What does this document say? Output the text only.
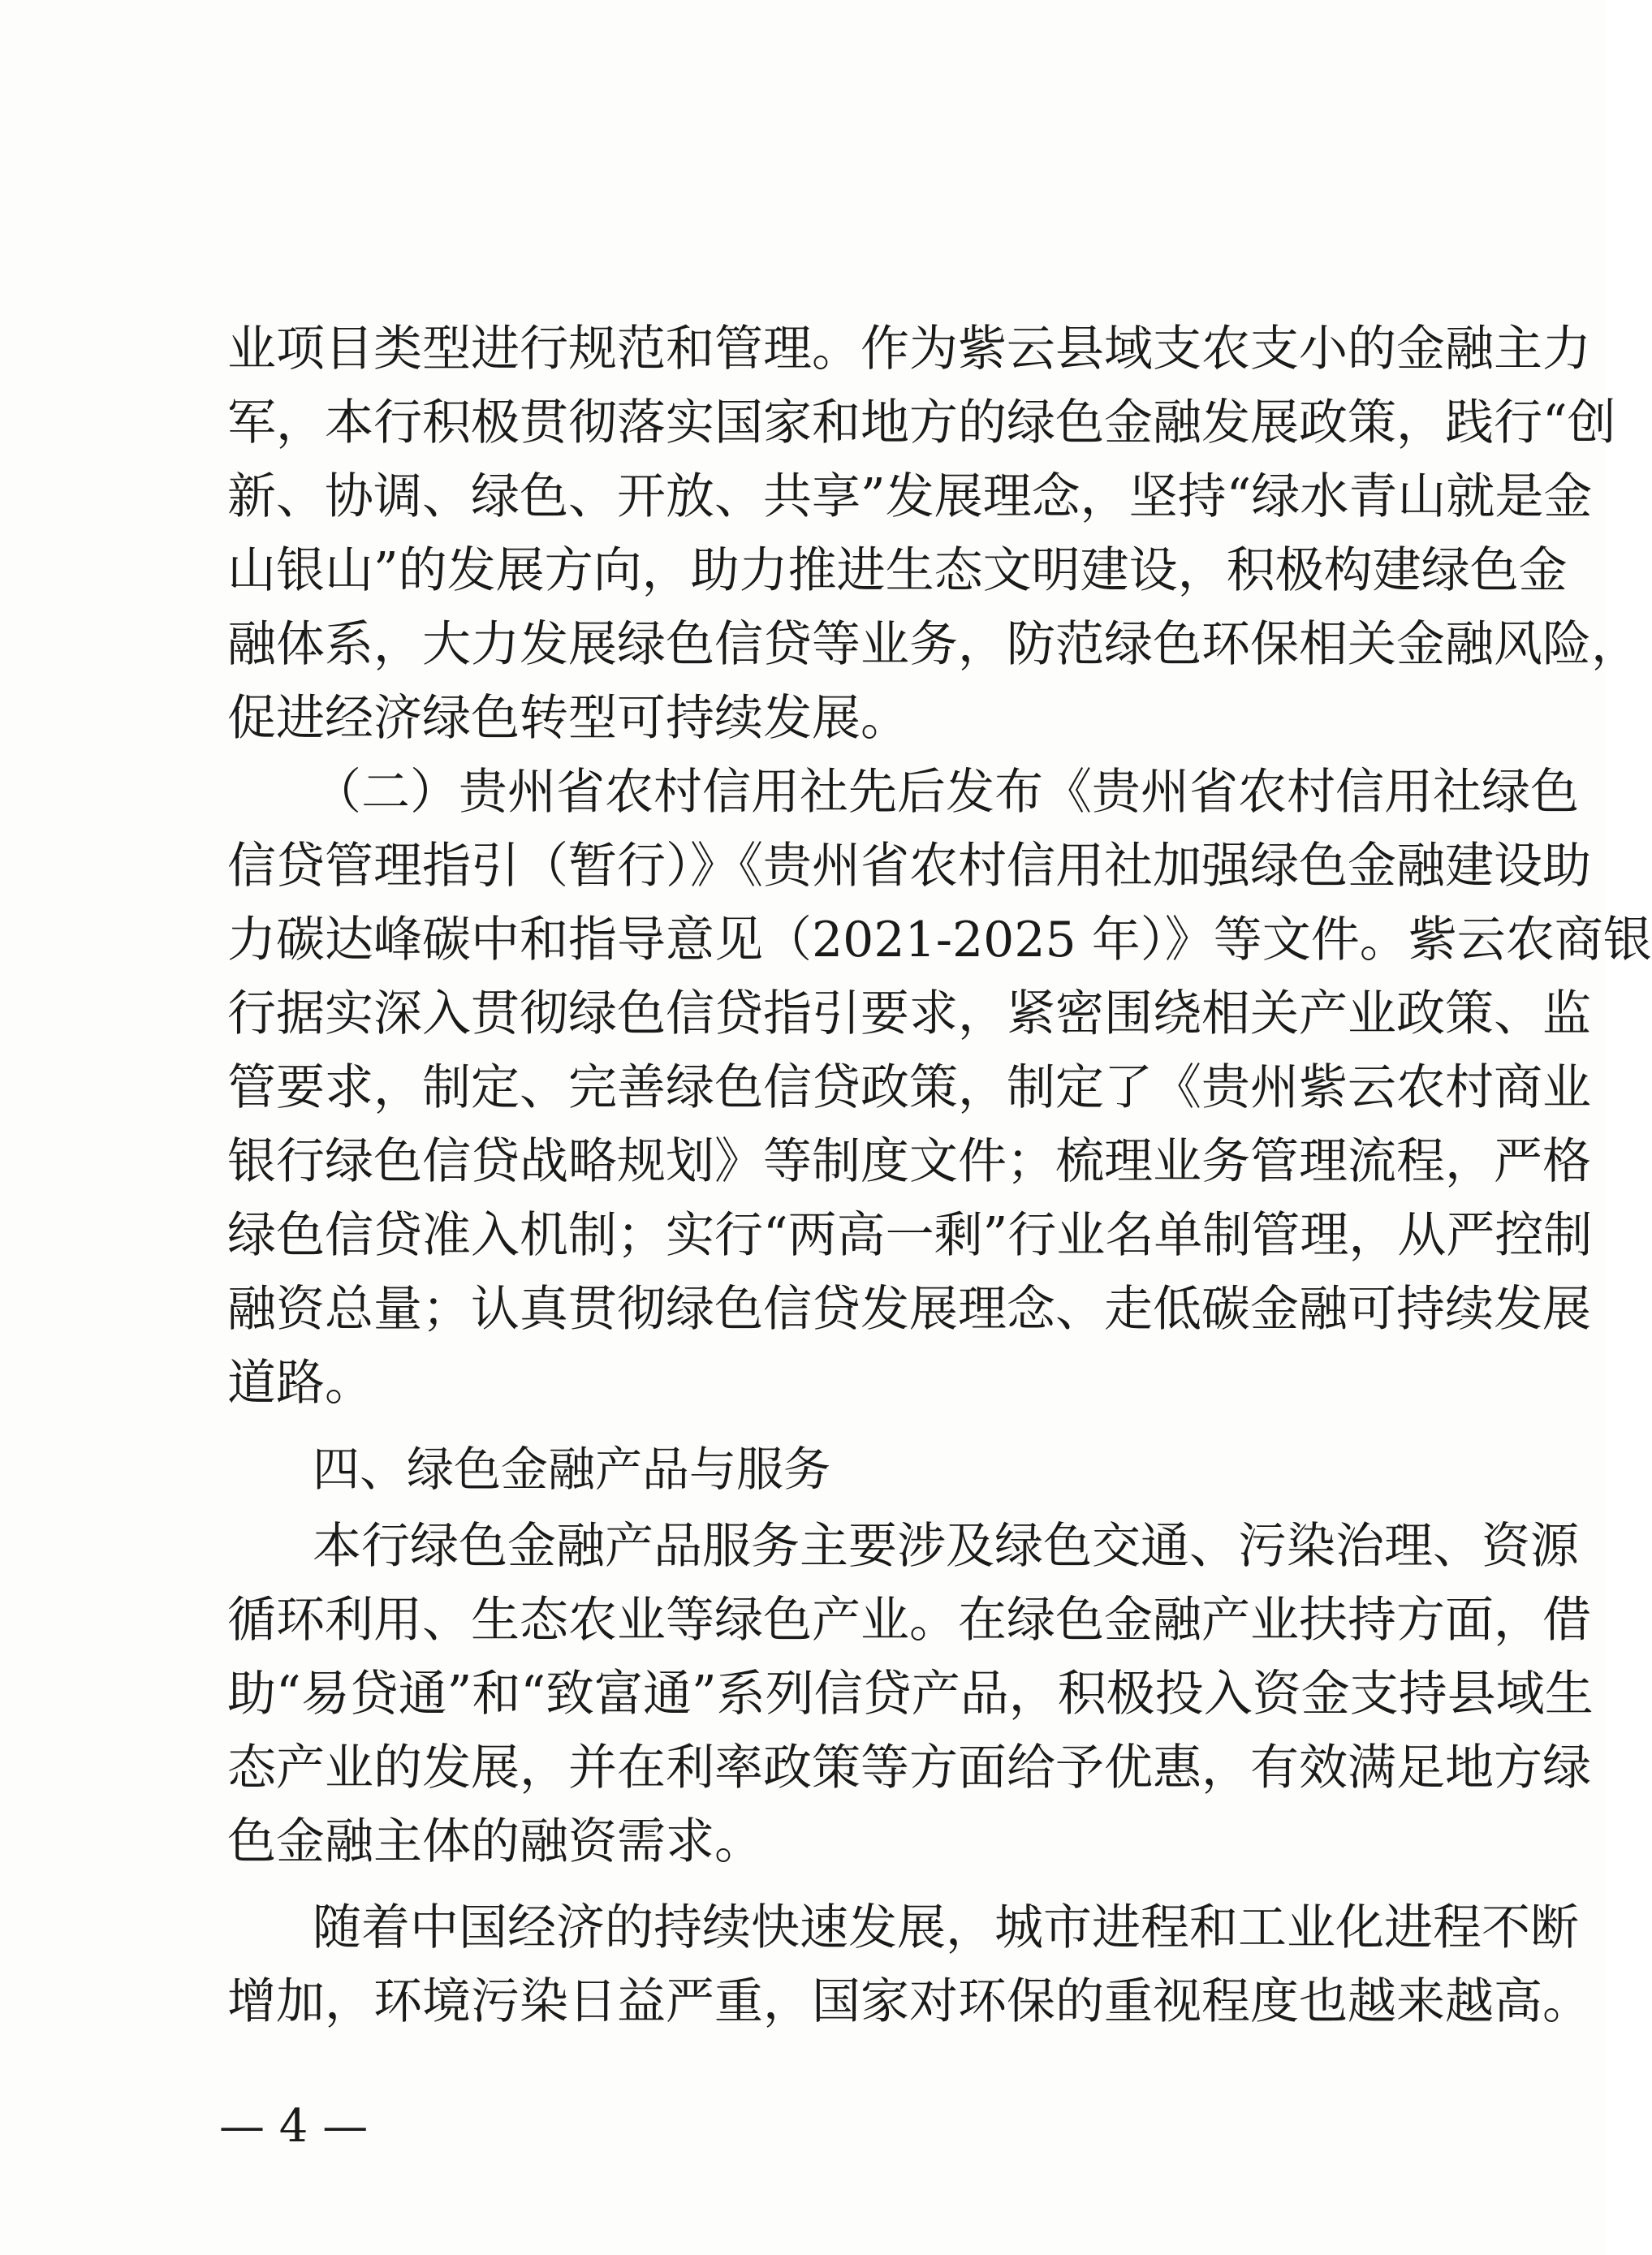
业项目类型进行规范和管理。作为紫云县域支农支小的金融主力
军，本行积极贯彻落实国家和地方的绿色金融发展政策，践行“创
新、协调、绿色、开放、共享”发展理念，坚持“绿水青山就是金
山银山”的发展方向，助力推进生态文明建设，积极构建绿色金
融体系，大力发展绿色信贷等业务，防范绿色环保相关金融风险，
促进经济绿色转型可持续发展。
（二）贵州省农村信用社先后发布《贵州省农村信用社绿色
信贷管理指引（暂行）》《贵州省农村信用社加强绿色金融建设助
力碳达峰碳中和指导意见（2021-2025 年）》等文件。紫云农商银
行据实深入贯彻绿色信贷指引要求，紧密围绕相关产业政策、监
管要求，制定、完善绿色信贷政策，制定了《贵州紫云农村商业
银行绿色信贷战略规划》等制度文件；梳理业务管理流程，严格
绿色信贷准入机制；实行“两高一剩”行业名单制管理，从严控制
融资总量；认真贯彻绿色信贷发展理念、走低碳金融可持续发展
道路。
四、绿色金融产品与服务
本行绿色金融产品服务主要涉及绿色交通、污染治理、资源
循环利用、生态农业等绿色产业。在绿色金融产业扶持方面，借
助“易贷通”和“致富通”系列信贷产品，积极投入资金支持县域生
态产业的发展，并在利率政策等方面给予优惠，有效满足地方绿
色金融主体的融资需求。
随着中国经济的持续快速发展，城市进程和工业化进程不断
增加，环境污染日益严重，国家对环保的重视程度也越来越高。
— 4 —
